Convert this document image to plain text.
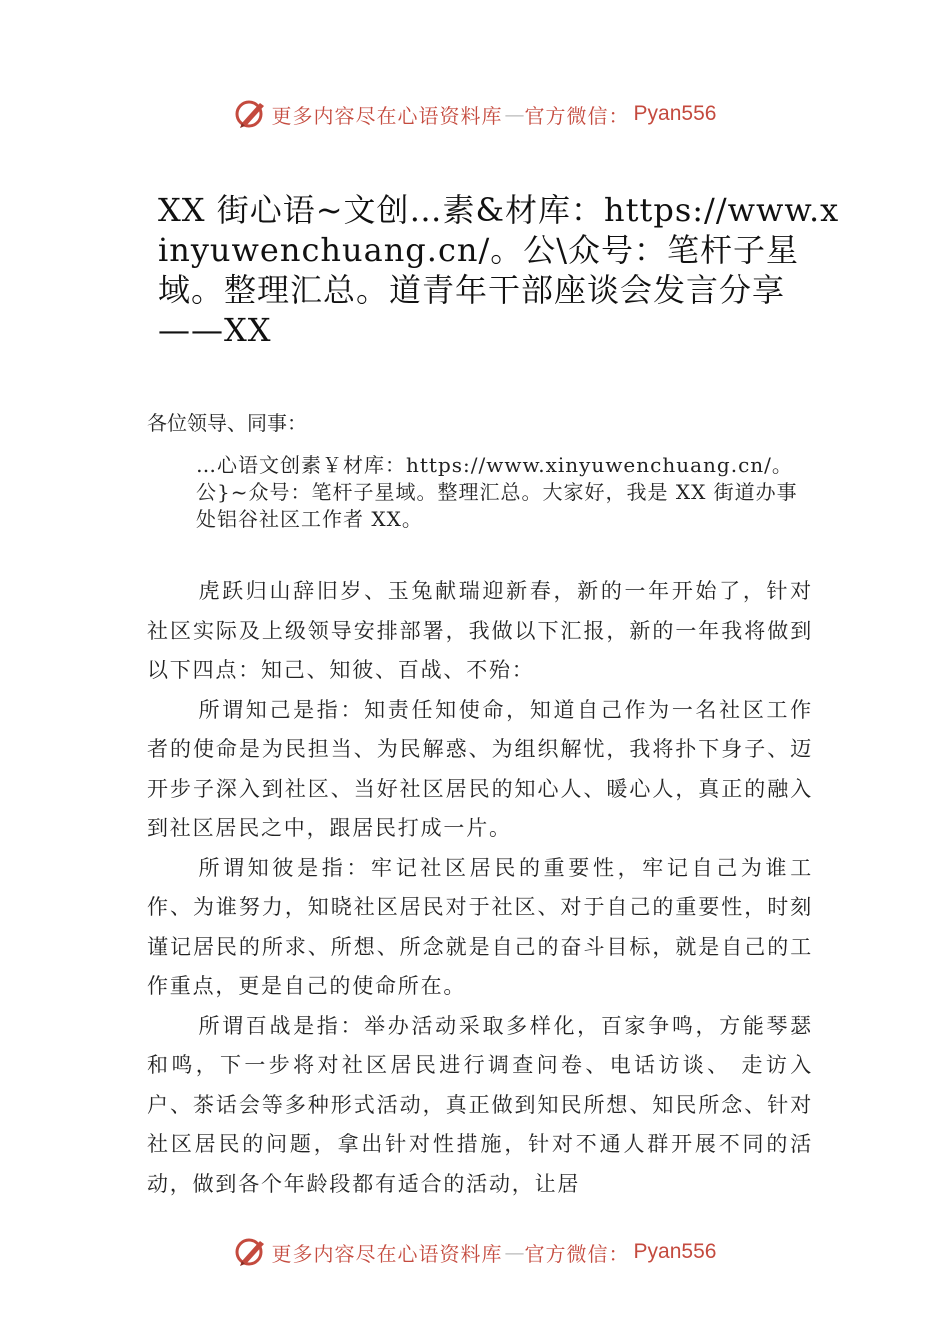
更多内容尽在心语资料库 — 官方微信： Pyan556
XX 街心语~文创…素&材库：https://www.xinyuwenchuang.cn/。公\众号：笔杆子星域。整理汇总。道青年干部座谈会发言分享——XX

各位领导、同事：

…心语文创素￥材库：https://www.xinyuwenchuang.cn/。公}~众号：笔杆子星域。整理汇总。大家好，我是 XX 街道办事处铝谷社区工作者 XX。

虎跃归山辞旧岁、玉兔献瑞迎新春，新的一年开始了，针对社区实际及上级领导安排部署，我做以下汇报，新的一年我将做到以下四点：知己、知彼、百战、不殆：

所谓知己是指：知责任知使命，知道自己作为一名社区工作者的使命是为民担当、为民解惑、为组织解忧，我将扑下身子、迈开步子深入到社区、当好社区居民的知心人、暖心人，真正的融入到社区居民之中，跟居民打成一片。

所谓知彼是指：牢记社区居民的重要性，牢记自己为谁工作、为谁努力，知晓社区居民对于社区、对于自己的重要性，时刻谨记居民的所求、所想、所念就是自己的奋斗目标，就是自己的工作重点，更是自己的使命所在。

所谓百战是指：举办活动采取多样化，百家争鸣，方能琴瑟和鸣，下一步将对社区居民进行调查问卷、电话访谈、 走访入户、茶话会等多种形式活动，真正做到知民所想、知民所念、针对社区居民的问题，拿出针对性措施，针对不通人群开展不同的活动，做到各个年龄段都有适合的活动，让居

更多内容尽在心语资料库 — 官方微信： Pyan556
